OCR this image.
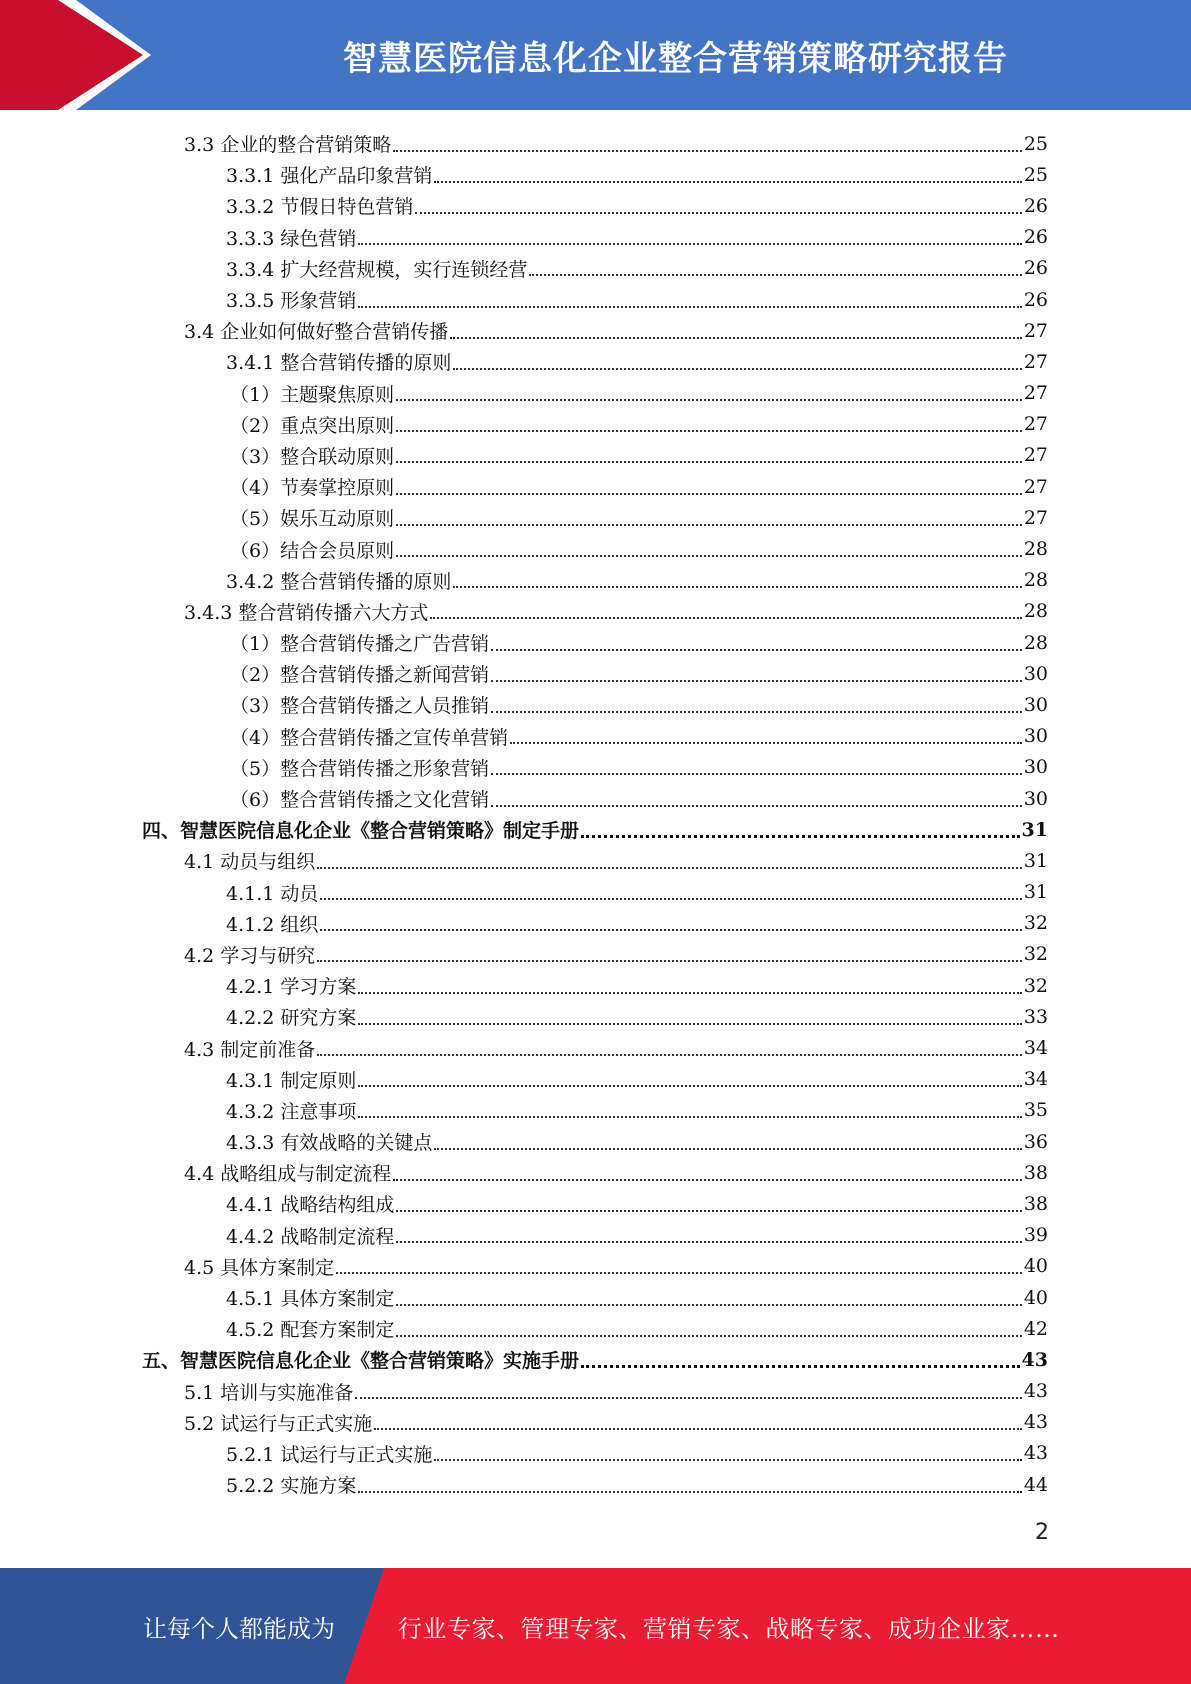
智慧医院信息化企业整合营销策略研究报告
3.3 企业的整合营销策略	25
3.3.1 强化产品印象营销	25
3.3.2 节假日特色营销	26
3.3.3 绿色营销	26
3.3.4 扩大经营规模，实行连锁经营	26
3.3.5 形象营销	26
3.4 企业如何做好整合营销传播	27
3.4.1 整合营销传播的原则	27
（1）主题聚焦原则	27
（2）重点突出原则	27
（3）整合联动原则	27
（4）节奏掌控原则	27
（5）娱乐互动原则	27
（6）结合会员原则	28
3.4.2 整合营销传播的原则	28
3.4.3 整合营销传播六大方式	28
（1）整合营销传播之广告营销	28
（2）整合营销传播之新闻营销	30
（3）整合营销传播之人员推销	30
（4）整合营销传播之宣传单营销	30
（5）整合营销传播之形象营销	30
（6）整合营销传播之文化营销	30
四、智慧医院信息化企业《整合营销策略》制定手册	31
4.1 动员与组织	31
4.1.1 动员	31
4.1.2 组织	32
4.2 学习与研究	32
4.2.1 学习方案	32
4.2.2 研究方案	33
4.3 制定前准备	34
4.3.1 制定原则	34
4.3.2 注意事项	35
4.3.3 有效战略的关键点	36
4.4 战略组成与制定流程	38
4.4.1 战略结构组成	38
4.4.2 战略制定流程	39
4.5 具体方案制定	40
4.5.1 具体方案制定	40
4.5.2 配套方案制定	42
五、智慧医院信息化企业《整合营销策略》实施手册	43
5.1 培训与实施准备	43
5.2 试运行与正式实施	43
5.2.1 试运行与正式实施	43
5.2.2 实施方案	44
2
让每个人都能成为	行业专家、管理专家、营销专家、战略专家、成功企业家……
